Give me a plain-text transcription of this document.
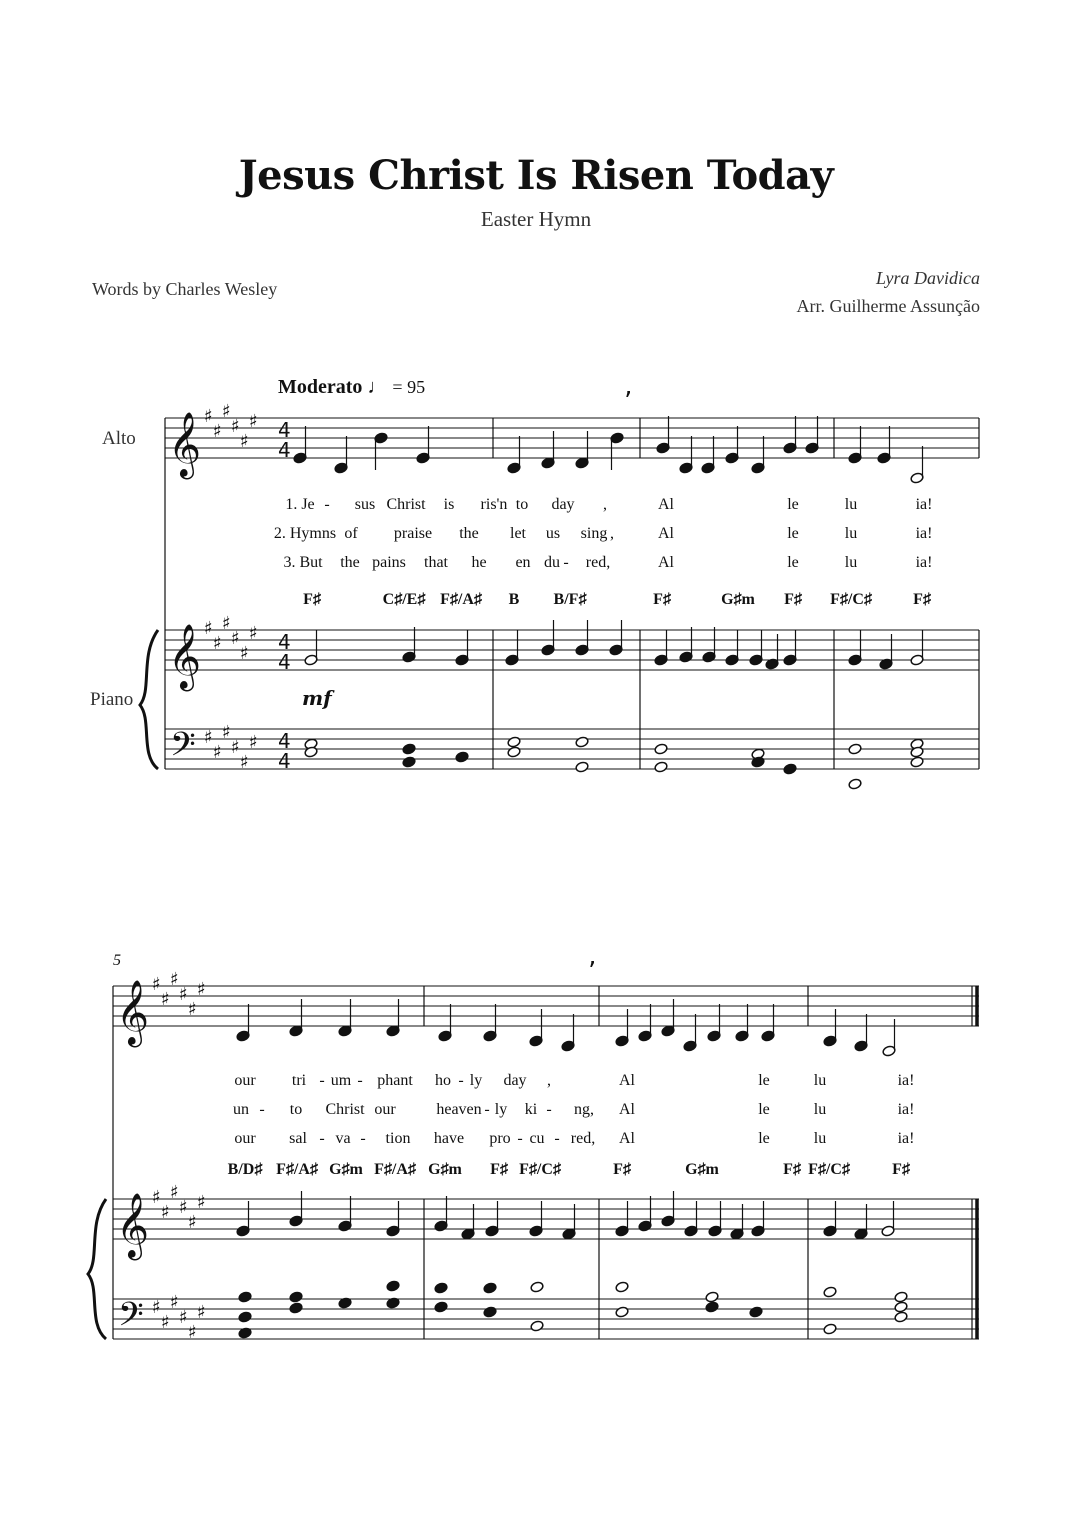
Jesus Christ Is Risen Today
Easter Hymn
Words by Charles Wesley
Lyra Davidica
Arr. Guilherme Assunção
Moderato ♩ = 95
Alto
Piano
𝄞
𝄞
𝄢
♯
♯
♯
♯
♯
♯
♯
♯
♯
♯
♯
♯
♯
♯
♯
♯
♯
♯
4
4
4
4
4
4
’
𝄞
𝄞
𝄢
♯
♯
♯
♯
♯
♯
♯
♯
♯
♯
♯
♯
♯
♯
♯
♯
♯
♯
’
mf
1. Je - sus Christ is ris'n to day ,	Al	le	lu	ia!
2. Hymns of praise the let us sing ,	Al	le	lu	ia!
3. But the pains that he en du - red,	Al	le	lu	ia!
F♯	C♯/E♯ F♯/A♯ B B/F♯	F♯	G♯m F♯ F♯/C♯	F♯
5
our tri - um - phant ho - ly day ,	Al	le	lu	ia!
un - to Christ our	heaven - ly ki - ng, Al	le	lu	ia!
our sal - va - tion have pro - cu - red, Al	le	lu	ia!
B/D♯ F♯/A♯ G♯m F♯/A♯ G♯m F♯ F♯/C♯	F♯	G♯m	F♯ F♯/C♯	F♯
